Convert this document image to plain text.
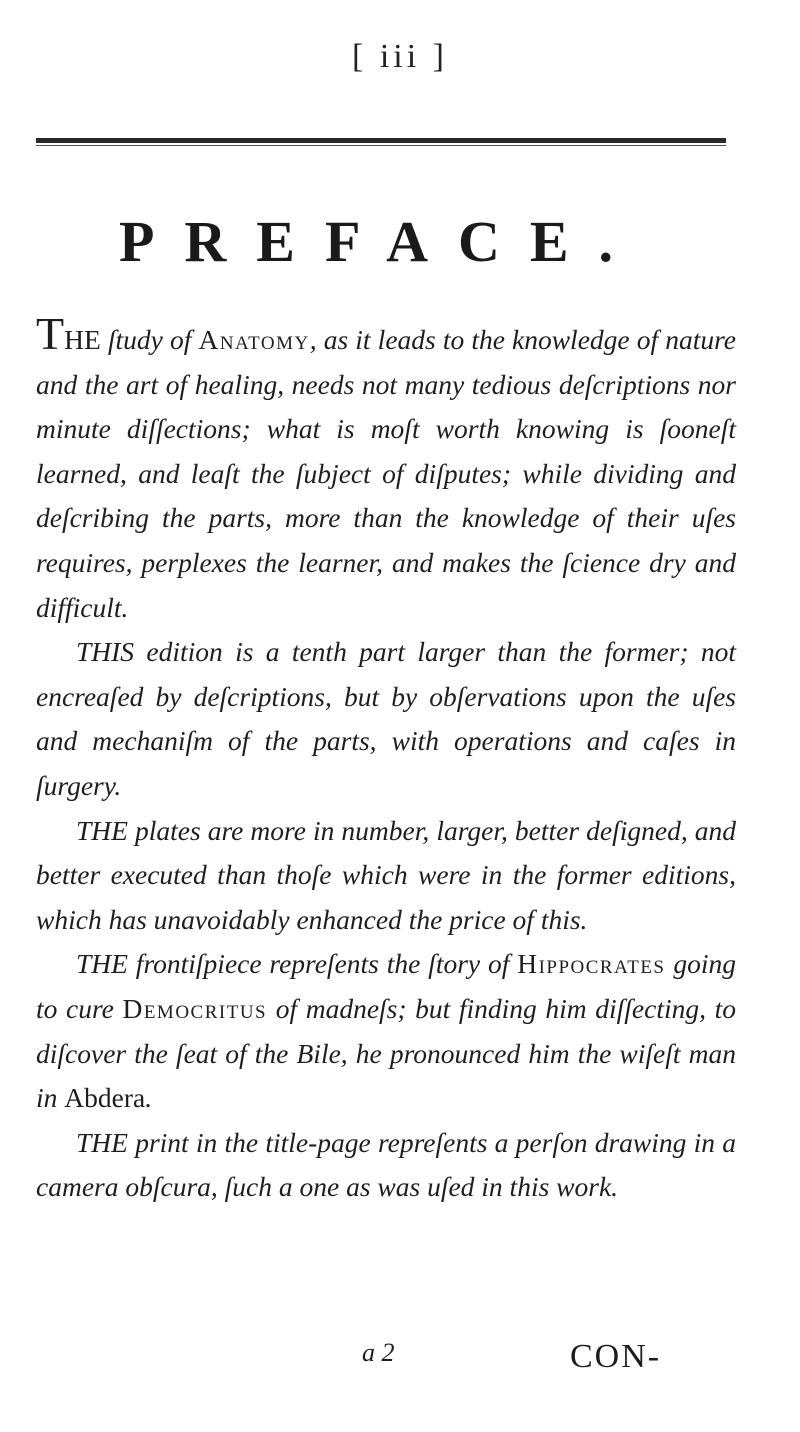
[ iii ]
PREFACE.

THE ſtudy of Anatomy, as it leads to the knowledge of nature and the art of healing, needs not many tedious deſcriptions nor minute diſſections; what is moſt worth knowing is ſooneſt learned, and leaſt the ſubject of diſputes; while dividing and deſcribing the parts, more than the knowledge of their uſes requires, perplexes the learner, and makes the ſcience dry and difficult.

THIS edition is a tenth part larger than the former; not encreaſed by deſcriptions, but by obſervations upon the uſes and mechaniſm of the parts, with operations and caſes in ſurgery.

THE plates are more in number, larger, better deſigned, and better executed than thoſe which were in the former editions, which has unavoidably enhanced the price of this.

THE frontiſpiece repreſents the ſtory of Hippocrates going to cure Democritus of madneſs; but finding him diſſecting, to diſcover the ſeat of the Bile, he pronounced him the wiſeſt man in Abdera.

THE print in the title-page repreſents a perſon drawing in a camera obſcura, ſuch a one as was uſed in this work.

a 2	CON-
